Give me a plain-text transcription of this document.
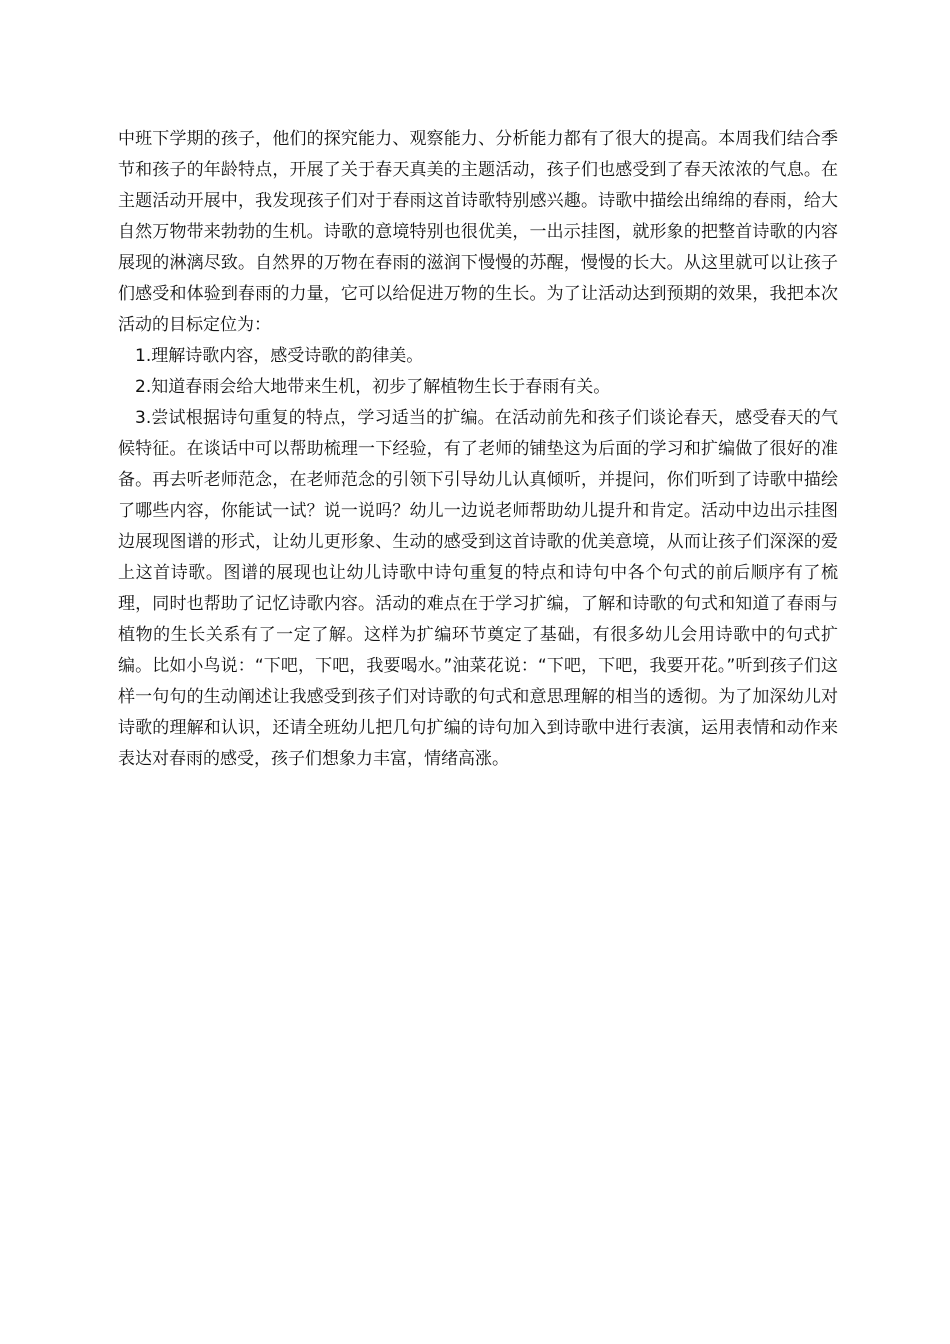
中班下学期的孩子，他们的探究能力、观察能力、分析能力都有了很大的提高。本周我们结合季节和孩子的年龄特点，开展了关于春天真美的主题活动，孩子们也感受到了春天浓浓的气息。在主题活动开展中，我发现孩子们对于春雨这首诗歌特别感兴趣。诗歌中描绘出绵绵的春雨，给大自然万物带来勃勃的生机。诗歌的意境特别也很优美，一出示挂图，就形象的把整首诗歌的内容展现的淋漓尽致。自然界的万物在春雨的滋润下慢慢的苏醒，慢慢的长大。从这里就可以让孩子们感受和体验到春雨的力量，它可以给促进万物的生长。为了让活动达到预期的效果，我把本次活动的目标定位为：

1.理解诗歌内容，感受诗歌的韵律美。

2.知道春雨会给大地带来生机，初步了解植物生长于春雨有关。

3.尝试根据诗句重复的特点，学习适当的扩编。在活动前先和孩子们谈论春天，感受春天的气候特征。在谈话中可以帮助梳理一下经验，有了老师的铺垫这为后面的学习和扩编做了很好的准备。再去听老师范念，在老师范念的引领下引导幼儿认真倾听，并提问，你们听到了诗歌中描绘了哪些内容，你能试一试？说一说吗？幼儿一边说老师帮助幼儿提升和肯定。活动中边出示挂图边展现图谱的形式，让幼儿更形象、生动的感受到这首诗歌的优美意境，从而让孩子们深深的爱上这首诗歌。图谱的展现也让幼儿诗歌中诗句重复的特点和诗句中各个句式的前后顺序有了梳理，同时也帮助了记忆诗歌内容。活动的难点在于学习扩编，了解和诗歌的句式和知道了春雨与植物的生长关系有了一定了解。这样为扩编环节奠定了基础，有很多幼儿会用诗歌中的句式扩编。比如小鸟说：“下吧，下吧，我要喝水。”油菜花说：“下吧，下吧，我要开花。”听到孩子们这样一句句的生动阐述让我感受到孩子们对诗歌的句式和意思理解的相当的透彻。为了加深幼儿对诗歌的理解和认识，还请全班幼儿把几句扩编的诗句加入到诗歌中进行表演，运用表情和动作来表达对春雨的感受，孩子们想象力丰富，情绪高涨。
